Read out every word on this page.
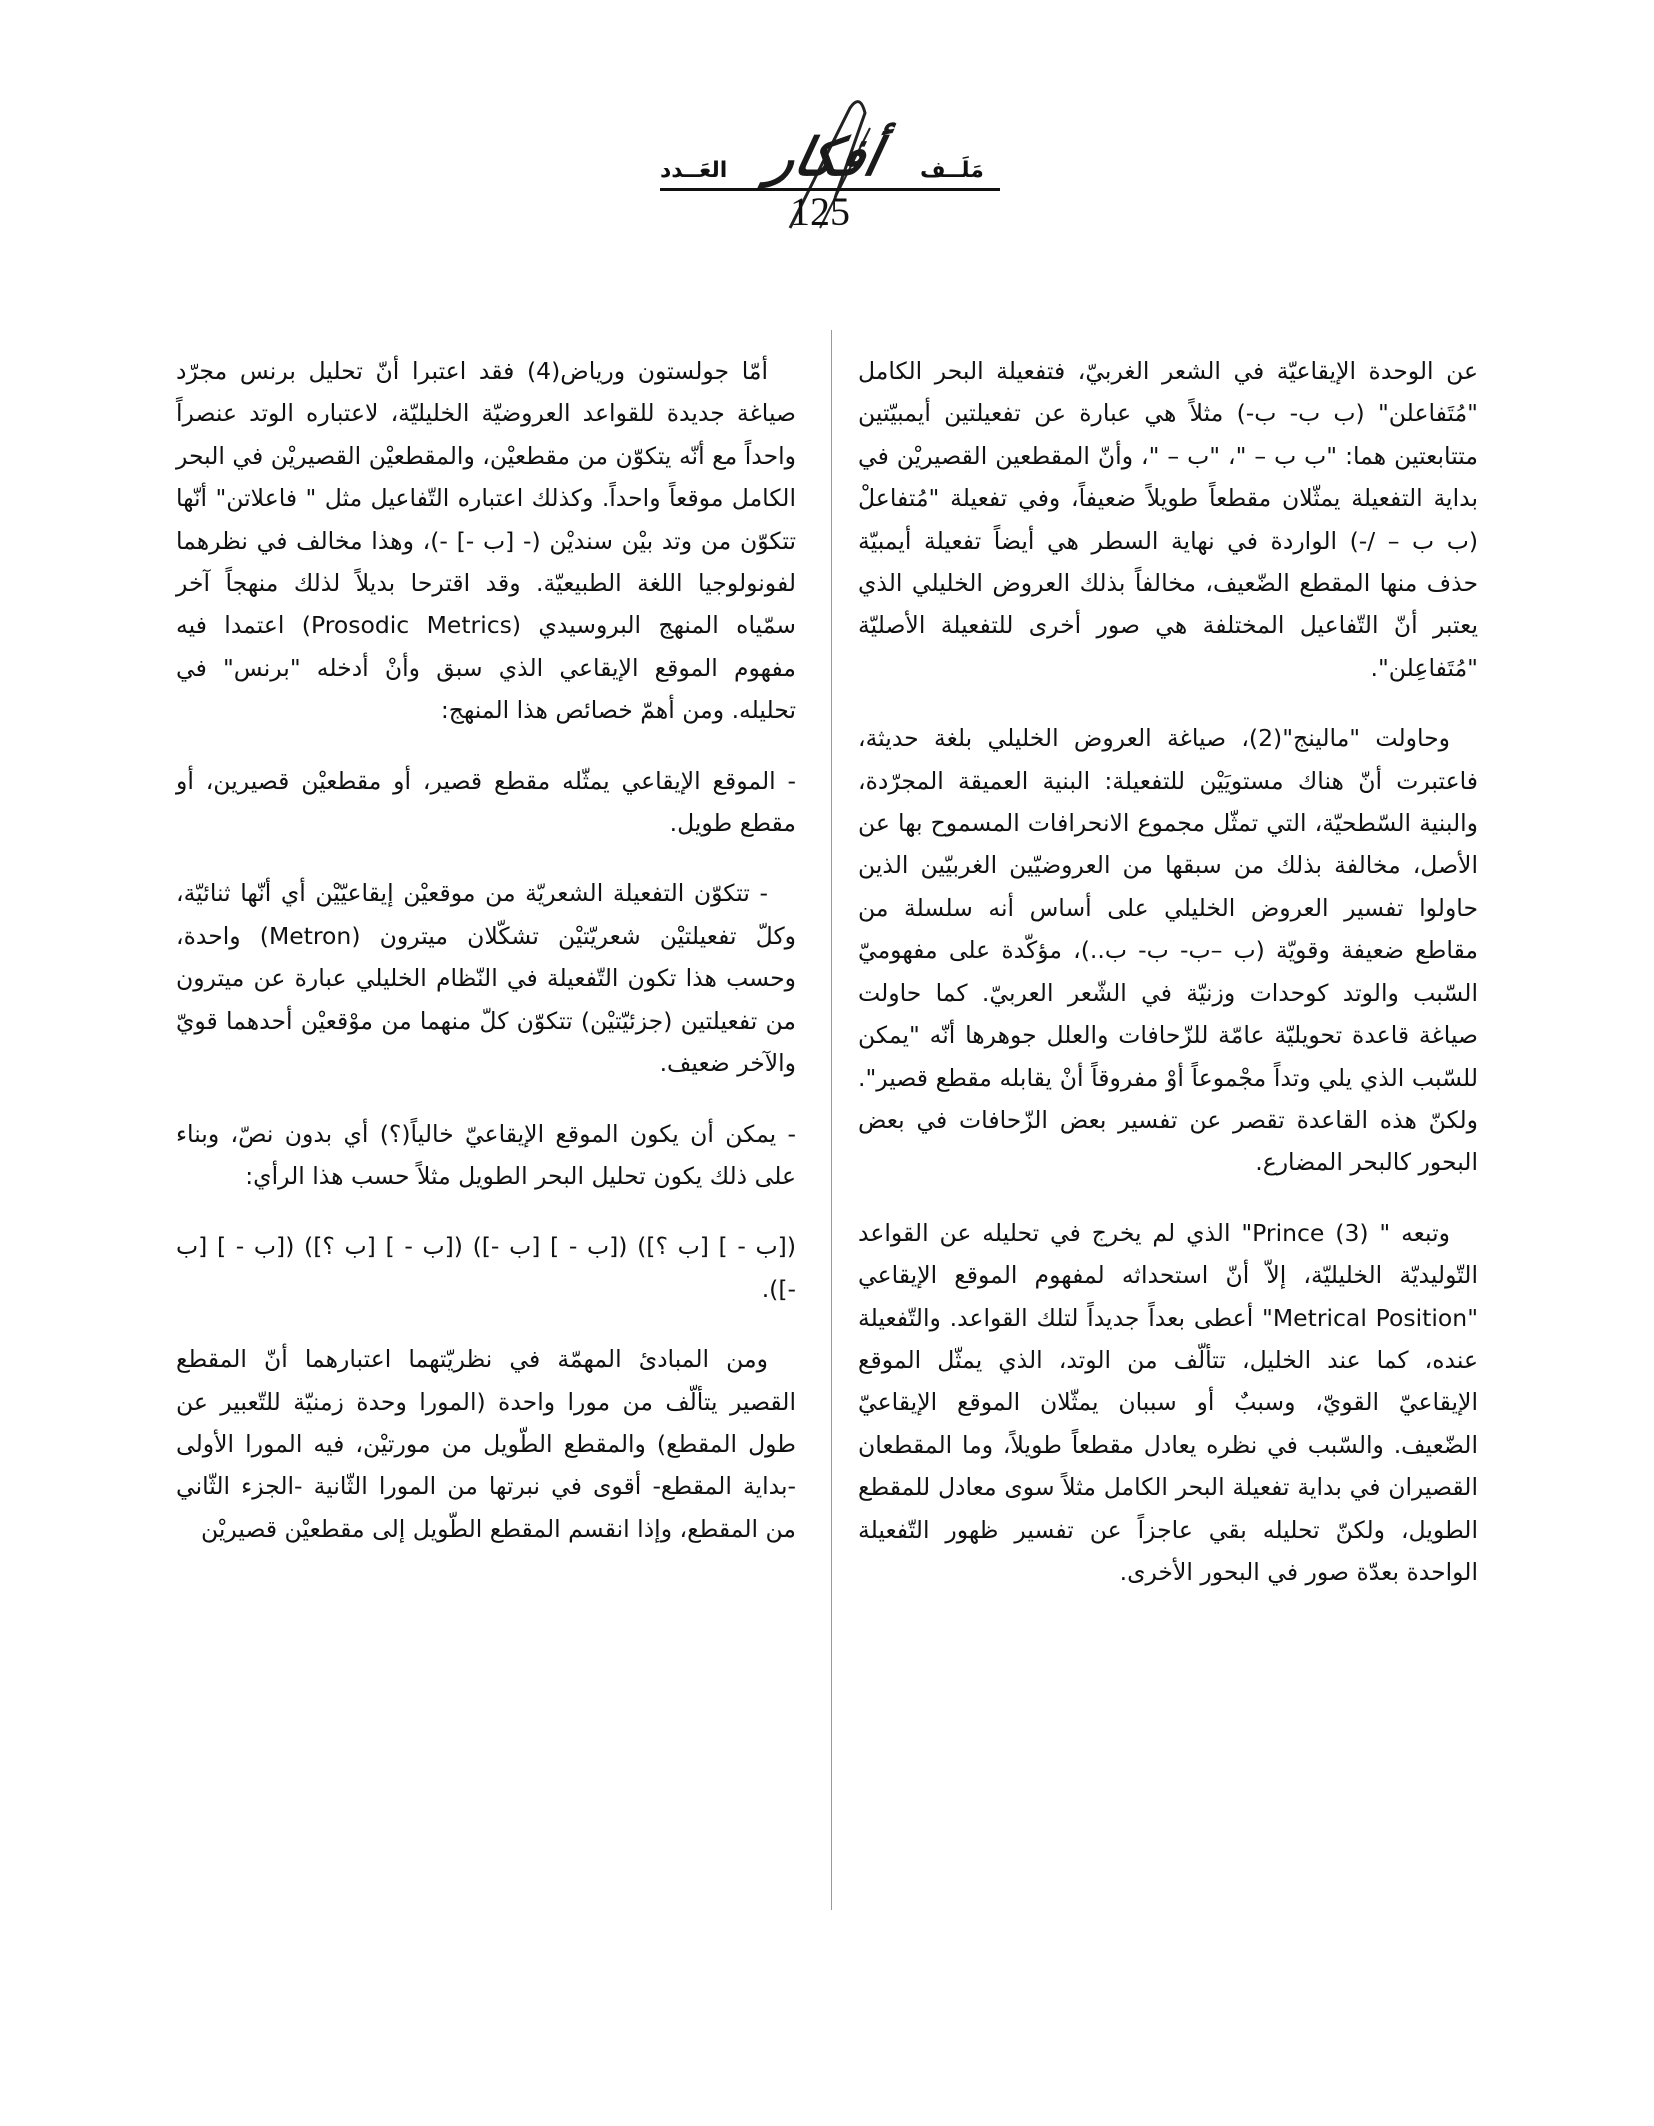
مَلَــف
أفكار
العَــدد
125

عن الوحدة الإيقاعيّة في الشعر الغربيّ، فتفعيلة البحر الكامل "مُتَفاعلن" (ب ب- ب-) مثلاً هي عبارة عن تفعيلتين أيمبيّتين متتابعتين هما: "ب ب – "، "ب – "، وأنّ المقطعين القصيريْن في بداية التفعيلة يمثّلان مقطعاً طويلاً ضعيفاً، وفي تفعيلة "مُتفاعلْ (ب ب – /-) الواردة في نهاية السطر هي أيضاً تفعيلة أيمبيّة حذف منها المقطع الضّعيف، مخالفاً بذلك العروض الخليلي الذي يعتبر أنّ التّفاعيل المختلفة هي صور أخرى للتفعيلة الأصليّة "مُتَفاعِلن".

وحاولت "مالينج"(2)، صياغة العروض الخليلي بلغة حديثة، فاعتبرت أنّ هناك مستويَيْن للتفعيلة: البنية العميقة المجرّدة، والبنية السّطحيّة، التي تمثّل مجموع الانحرافات المسموح بها عن الأصل، مخالفة بذلك من سبقها من العروضيّين الغربيّين الذين حاولوا تفسير العروض الخليلي على أساس أنه سلسلة من مقاطع ضعيفة وقويّة (ب –ب- ب- ب..)، مؤكّدة على مفهوميّ السّبب والوتد كوحدات وزنيّة في الشّعر العربيّ. كما حاولت صياغة قاعدة تحويليّة عامّة للزّحافات والعلل جوهرها أنّه "يمكن للسّبب الذي يلي وتداً مجْموعاً أوْ مفروقاً أنْ يقابله مقطع قصير". ولكنّ هذه القاعدة تقصر عن تفسير بعض الزّحافات في بعض البحور كالبحر المضارع.

وتبعه " (3) Prince" الذي لم يخرج في تحليله عن القواعد التّوليديّة الخليليّة، إلاّ أنّ استحداثه لمفهوم الموقع الإيقاعي "Metrical Position" أعطى بعداً جديداً لتلك القواعد. والتّفعيلة عنده، كما عند الخليل، تتألّف من الوتد، الذي يمثّل الموقع الإيقاعيّ القويّ، وسببٌ أو سببان يمثّلان الموقع الإيقاعيّ الضّعيف. والسّبب في نظره يعادل مقطعاً طويلاً، وما المقطعان القصيران في بداية تفعيلة البحر الكامل مثلاً سوى معادل للمقطع الطويل، ولكنّ تحليله بقي عاجزاً عن تفسير ظهور التّفعيلة الواحدة بعدّة صور في البحور الأخرى.

أمّا جولستون ورياض(4) فقد اعتبرا أنّ تحليل برنس مجرّد صياغة جديدة للقواعد العروضيّة الخليليّة، لاعتباره الوتد عنصراً واحداً مع أنّه يتكوّن من مقطعيْن، والمقطعيْن القصيريْن في البحر الكامل موقعاً واحداً. وكذلك اعتباره التّفاعيل مثل " فاعلاتن" أنّها تتكوّن من وتد بيْن سنديْن (- [ب -] -)، وهذا مخالف في نظرهما لفونولوجيا اللغة الطبيعيّة. وقد اقترحا بديلاً لذلك منهجاً آخر سمّياه المنهج البروسيدي (Prosodic Metrics) اعتمدا فيه مفهوم الموقع الإيقاعي الذي سبق وأنْ أدخله "برنس" في تحليله. ومن أهمّ خصائص هذا المنهج:

- الموقع الإيقاعي يمثّله مقطع قصير، أو مقطعيْن قصيرين، أو مقطع طويل.

- تتكوّن التفعيلة الشعريّة من موقعيْن إيقاعيّيْن أي أنّها ثنائيّة، وكلّ تفعيلتيْن شعريّتيْن تشكّلان ميترون (Metron) واحدة، وحسب هذا تكون التّفعيلة في النّظام الخليلي عبارة عن ميترون من تفعيلتين (جزئيّتيْن) تتكوّن كلّ منهما من موْقعيْن أحدهما قويّ والآخر ضعيف.

- يمكن أن يكون الموقع الإيقاعيّ خالياً(؟) أي بدون نصّ، وبناء على ذلك يكون تحليل البحر الطويل مثلاً حسب هذا الرأي:

([ب - ] [ب ؟]) ([ب - ] [ب -]) ([ب - ] [ب ؟]) ([ب - ] [ب -]).

ومن المبادئ المهمّة في نظريّتهما اعتبارهما أنّ المقطع القصير يتألّف من مورا واحدة (المورا وحدة زمنيّة للتّعبير عن طول المقطع) والمقطع الطّويل من مورتيْن، فيه المورا الأولى -بداية المقطع- أقوى في نبرتها من المورا الثّانية -الجزء الثّاني من المقطع، وإذا انقسم المقطع الطّويل إلى مقطعيْن قصيريْن
